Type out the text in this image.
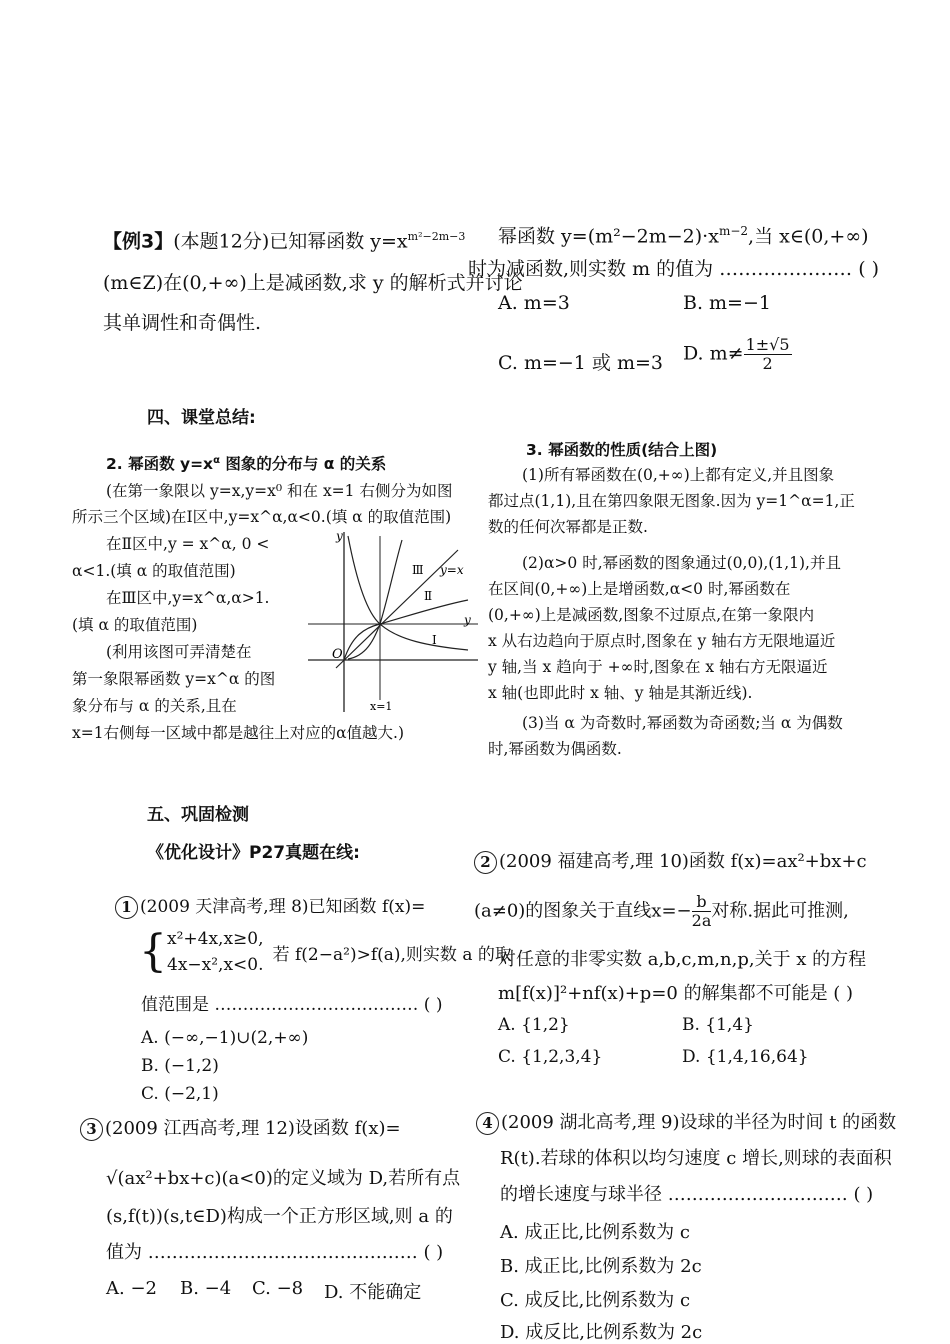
【例3】(本题12分)已知幂函数 $y=x^{m^2-2m-3}$

(m∈Z)在(0,+∞)上是减函数,求 y 的解析式并讨论

其单调性和奇偶性.

幂函数 $y=(m^2-2m-2)\cdot x^{m-2}$,当 x∈(0,+∞)

时为减函数,则实数 m 的值为 ………………… ( )

A. m=3	B. m=−1
C. m=−1 或 m=3 D. $m\ne \frac{1\pm√5}{2}$
四、课堂总结:
2. 幂函数 $y=x^\alpha$ 图象的分布与 α 的关系

(在第一象限以 y=x,y=x⁰ 和在 x=1 右侧分为如图

所示三个区域)在Ⅰ区中,y=x^α,α<0.(填 α 的取值范围)

在Ⅱ区中,y = x^α, 0 <

α<1.(填 α 的取值范围)

在Ⅲ区中,y=x^α,α>1.

(填 α 的取值范围)

(利用该图可弄清楚在

第一象限幂函数 y=x^α 的图

象分布与 α 的关系,且在

x=1右侧每一区域中都是越往上对应的α值越大.)

y
y=x
y
O
x=1
Ⅲ
Ⅱ
Ⅰ
3. 幂函数的性质(结合上图)

(1)所有幂函数在(0,+∞)上都有定义,并且图象

都过点(1,1),且在第四象限无图象.因为 y=1^α=1,正

数的任何次幂都是正数.

(2)α>0 时,幂函数的图象通过(0,0),(1,1),并且

在区间(0,+∞)上是增函数,α<0 时,幂函数在

(0,+∞)上是减函数,图象不过原点,在第一象限内

x 从右边趋向于原点时,图象在 y 轴右方无限地逼近

y 轴,当 x 趋向于 +∞时,图象在 x 轴右方无限逼近

x 轴(也即此时 x 轴、y 轴是其渐近线).

(3)当 α 为奇数时,幂函数为奇函数;当 α 为偶数

时,幂函数为偶函数.

五、巩固检测
《优化设计》P27真题在线:

1 (2009 天津高考,理 8)已知函数 f(x)=

{ x²+4x,x≥0,
4x−x²,x<0.
若 f(2−a²)>f(a),则实数 a 的取

值范围是 ……………………………… ( )

A. (−∞,−1)∪(2,+∞)
B. (−1,2)
C. (−2,1)

2 (2009 福建高考,理 10)函数 f(x)=ax²+bx+c

(a≠0)的图象关于直线$x=- \frac{b}{2a}$ 对称.据此可推测,

对任意的非零实数 a,b,c,m,n,p,关于 x 的方程

m[f(x)]²+nf(x)+p=0 的解集都不可能是 ( )

A. {1,2}	B. {1,4}
C. {1,2,3,4}	D. {1,4,16,64}

3 (2009 江西高考,理 12)设函数 f(x)=

√(ax²+bx+c)(a<0)的定义域为 D,若所有点

(s,f(t))(s,t∈D)构成一个正方形区域,则 a 的

值为 ……………………………………… ( )

A. −2 B. −4 C. −8 D. 不能确定

4 (2009 湖北高考,理 9)设球的半径为时间 t 的函数

R(t).若球的体积以均匀速度 c 增长,则球的表面积

的增长速度与球半径 ………………………… ( )

A. 成正比,比例系数为 c
B. 成正比,比例系数为 2c
C. 成反比,比例系数为 c
D. 成反比,比例系数为 2c
